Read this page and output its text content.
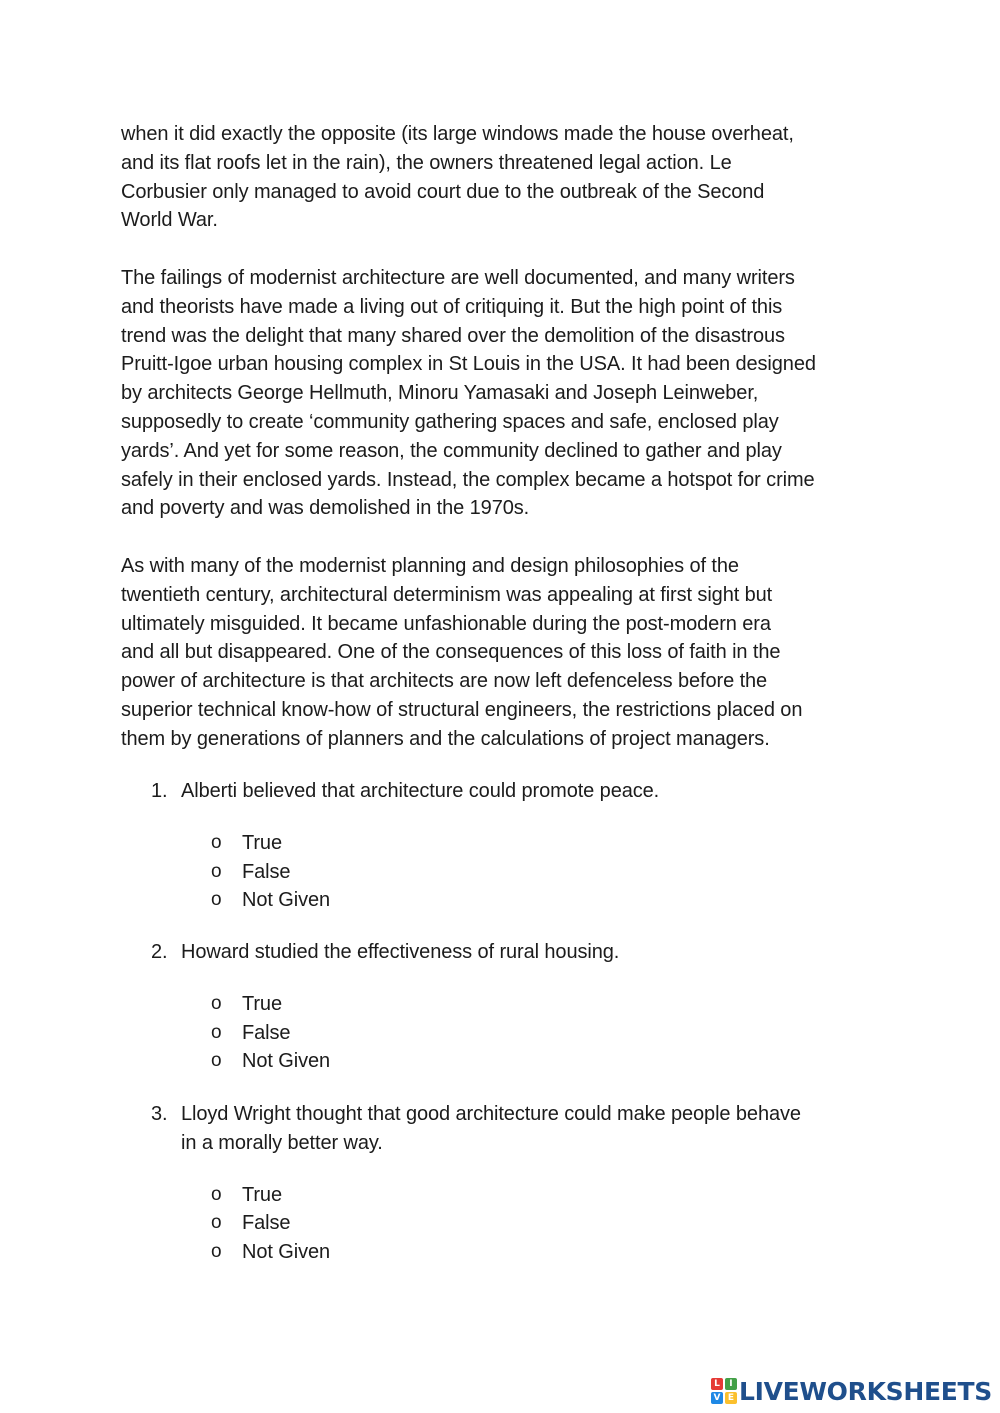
when it did exactly the opposite (its large windows made the house overheat,
and its flat roofs let in the rain), the owners threatened legal action. Le
Corbusier only managed to avoid court due to the outbreak of the Second
World War.

The failings of modernist architecture are well documented, and many writers
and theorists have made a living out of critiquing it. But the high point of this
trend was the delight that many shared over the demolition of the disastrous
Pruitt-Igoe urban housing complex in St Louis in the USA. It had been designed
by architects George Hellmuth, Minoru Yamasaki and Joseph Leinweber,
supposedly to create ‘community gathering spaces and safe, enclosed play
yards’. And yet for some reason, the community declined to gather and play
safely in their enclosed yards. Instead, the complex became a hotspot for crime
and poverty and was demolished in the 1970s.

As with many of the modernist planning and design philosophies of the
twentieth century, architectural determinism was appealing at first sight but
ultimately misguided. It became unfashionable during the post-modern era
and all but disappeared. One of the consequences of this loss of faith in the
power of architecture is that architects are now left defenceless before the
superior technical know-how of structural engineers, the restrictions placed on
them by generations of planners and the calculations of project managers.

1. Alberti believed that architecture could promote peace.
o True
o False
o Not Given
2. Howard studied the effectiveness of rural housing.
o True
o False
o Not Given
3. Lloyd Wright thought that good architecture could make people behave
in a morally better way.
o True
o False
o Not Given
L	I
V E LIVEWORKSHEETS
